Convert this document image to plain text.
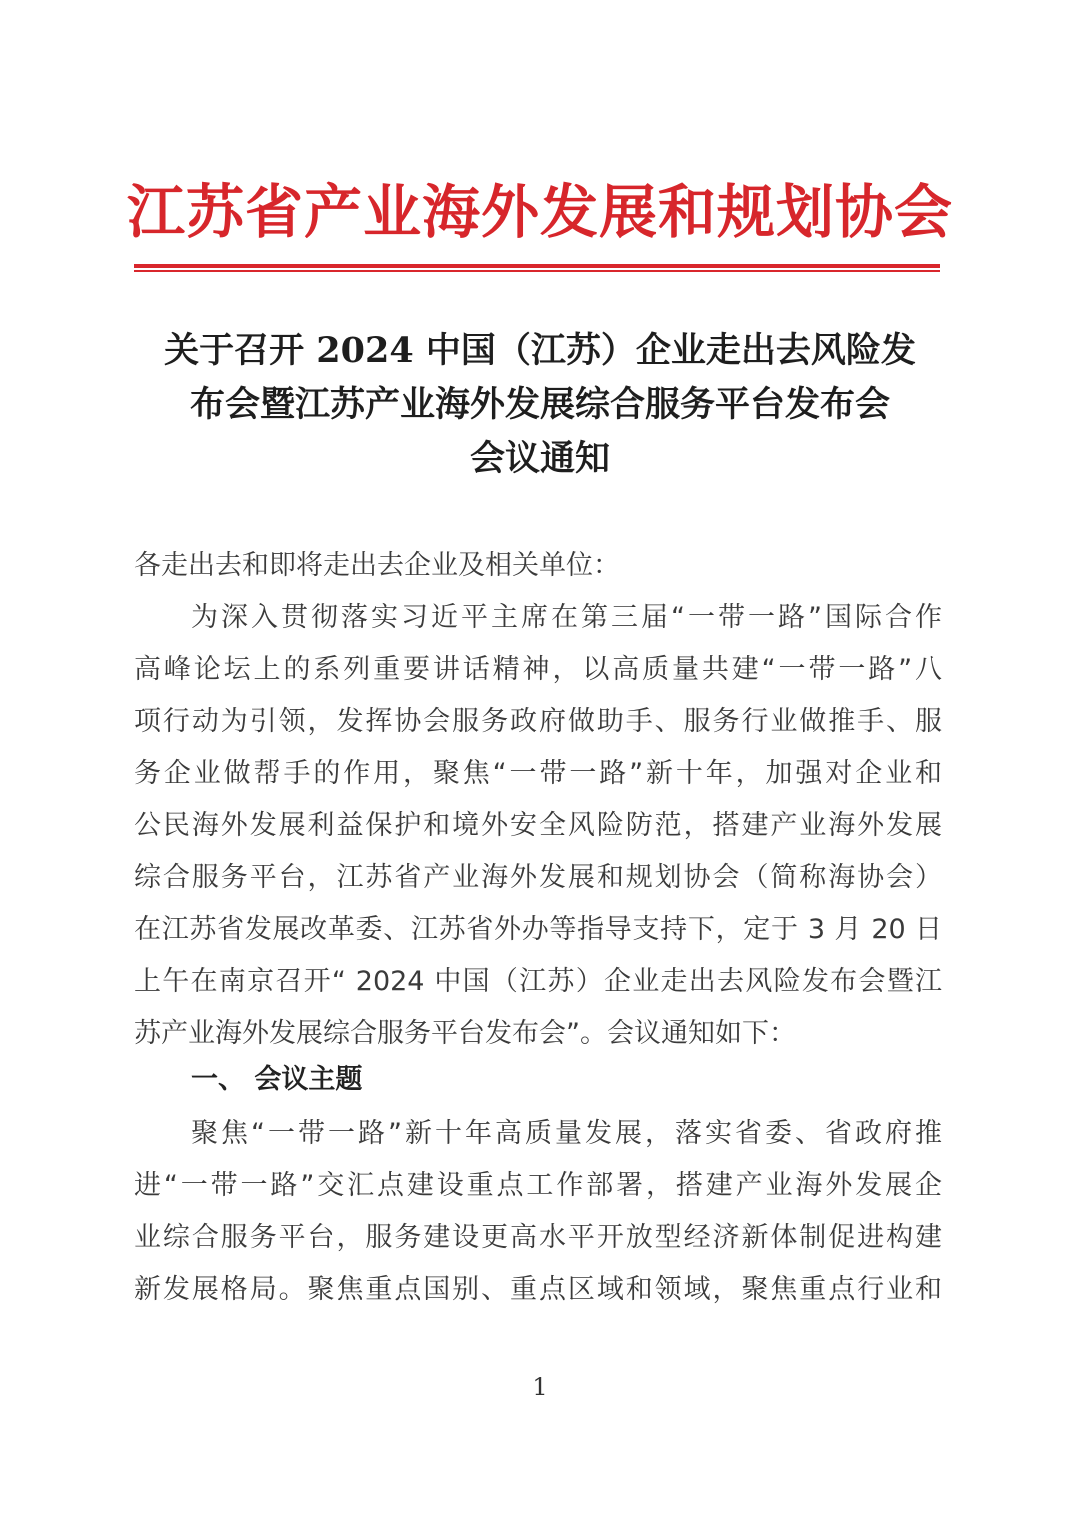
江苏省产业海外发展和规划协会
关于召开 2024 中国（江苏）企业走出去风险发
布会暨江苏产业海外发展综合服务平台发布会
会议通知
各走出去和即将走出去企业及相关单位：
为深入贯彻落实习近平主席在第三届“一带一路”国际合作
高峰论坛上的系列重要讲话精神，以高质量共建“一带一路”八
项行动为引领，发挥协会服务政府做助手、服务行业做推手、服
务企业做帮手的作用，聚焦“一带一路”新十年，加强对企业和
公民海外发展利益保护和境外安全风险防范，搭建产业海外发展
综合服务平台，江苏省产业海外发展和规划协会（简称海协会）
在江苏省发展改革委、江苏省外办等指导支持下，定于 3 月 20 日
上午在南京召开“ 2024 中国（江苏）企业走出去风险发布会暨江
苏产业海外发展综合服务平台发布会”。会议通知如下：
一、 会议主题
聚焦“一带一路”新十年高质量发展，落实省委、省政府推
进“一带一路”交汇点建设重点工作部署，搭建产业海外发展企
业综合服务平台，服务建设更高水平开放型经济新体制促进构建
新发展格局。聚焦重点国别、重点区域和领域，聚焦重点行业和
1
